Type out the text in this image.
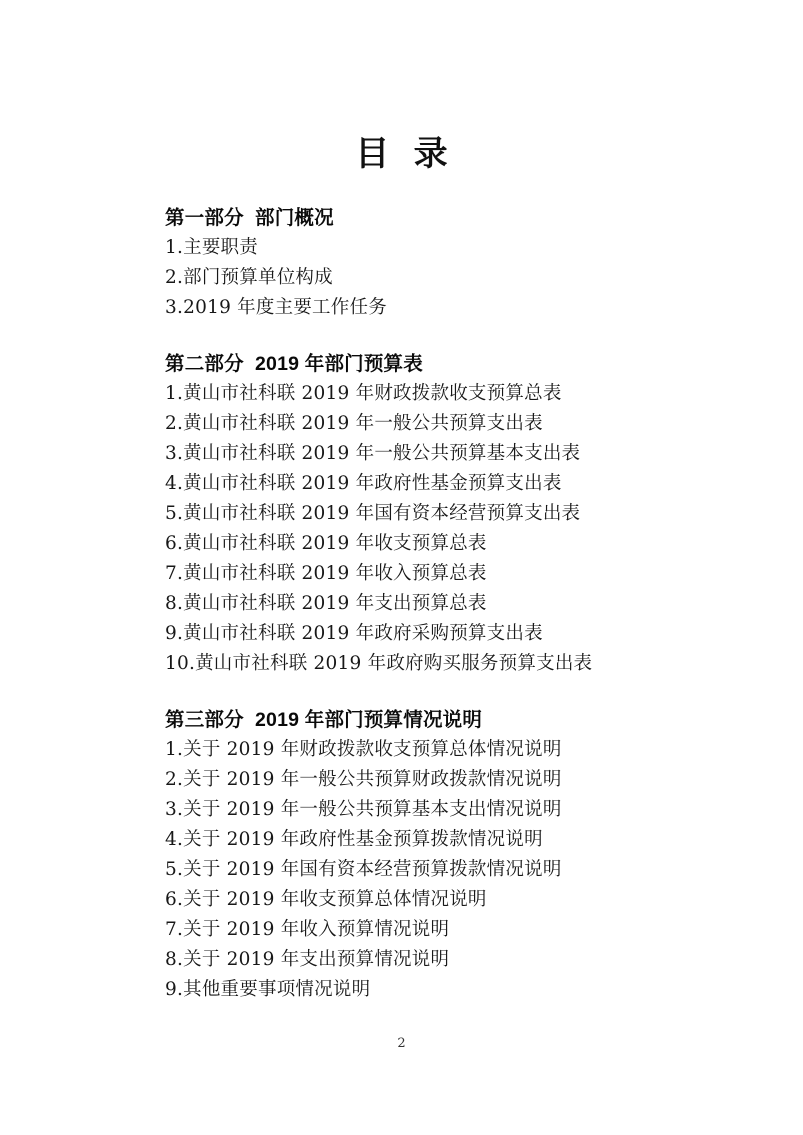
目 录
第一部分  部门概况
1.主要职责
2.部门预算单位构成
3.2019 年度主要工作任务
第二部分  2019 年部门预算表
1.黄山市社科联 2019 年财政拨款收支预算总表
2.黄山市社科联 2019 年一般公共预算支出表
3.黄山市社科联 2019 年一般公共预算基本支出表
4.黄山市社科联 2019 年政府性基金预算支出表
5.黄山市社科联 2019 年国有资本经营预算支出表
6.黄山市社科联 2019 年收支预算总表
7.黄山市社科联 2019 年收入预算总表
8.黄山市社科联 2019 年支出预算总表
9.黄山市社科联 2019 年政府采购预算支出表
10.黄山市社科联 2019 年政府购买服务预算支出表
第三部分  2019 年部门预算情况说明
1.关于 2019 年财政拨款收支预算总体情况说明
2.关于 2019 年一般公共预算财政拨款情况说明
3.关于 2019 年一般公共预算基本支出情况说明
4.关于 2019 年政府性基金预算拨款情况说明
5.关于 2019 年国有资本经营预算拨款情况说明
6.关于 2019 年收支预算总体情况说明
7.关于 2019 年收入预算情况说明
8.关于 2019 年支出预算情况说明
9.其他重要事项情况说明
2
